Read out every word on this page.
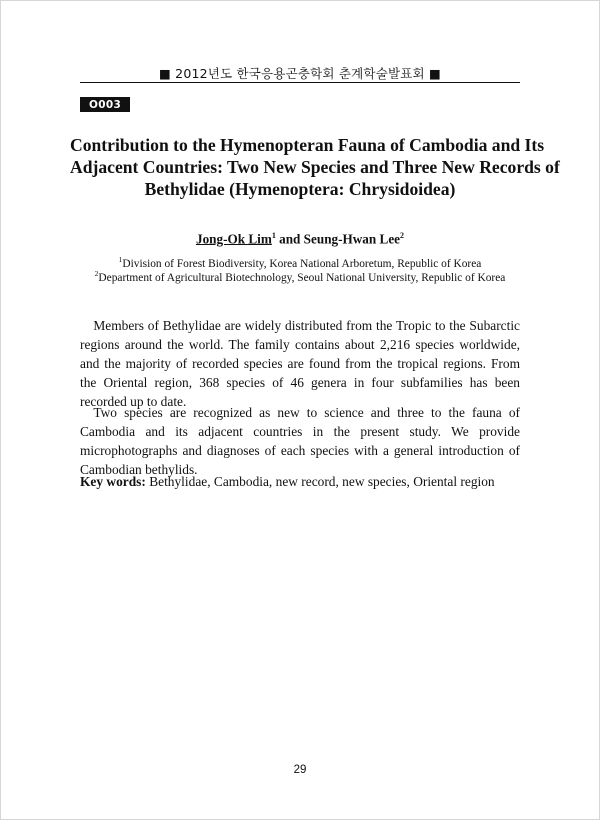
■ 2012년도 한국응용곤충학회 춘계학술발표회 ■
O003
Contribution to the Hymenopteran Fauna of Cambodia and Its
Adjacent Countries: Two New Species and Three New Records of
Bethylidae (Hymenoptera: Chrysidoidea)
Jong-Ok Lim$^1$ and Seung-Hwan Lee$^2$
$^1$Division of Forest Biodiversity, Korea National Arboretum, Republic of Korea
$^2$Department of Agricultural Biotechnology, Seoul National University, Republic of Korea

 Members of Bethylidae are widely distributed from the Tropic to the Subarctic regions around the world. The family contains about 2,216 species worldwide, and the majority of recorded species are found from the tropical regions. From the Oriental region, 368 species of 46 genera in four subfamilies has been recorded up to date.

 Two species are recognized as new to science and three to the fauna of Cambodia and its adjacent countries in the present study. We provide microphotographs and diagnoses of each species with a general introduction of Cambodian bethylids.

Key words: Bethylidae, Cambodia, new record, new species, Oriental region
29
